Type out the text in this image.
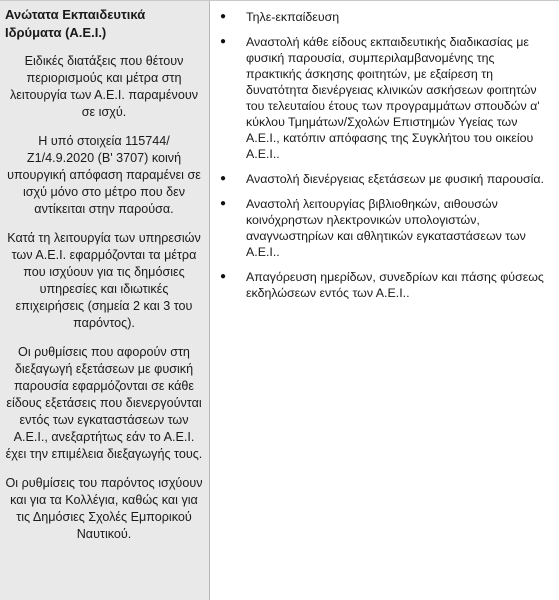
Ανώτατα Εκπαιδευτικά Ιδρύματα (Α.Ε.Ι.)
Ειδικές διατάξεις που θέτουν περιορισμούς και μέτρα στη λειτουργία των Α.Ε.Ι. παραμένουν σε ισχύ.
Η υπό στοιχεία 115744/Ζ1/4.9.2020 (Β' 3707) κοινή υπουργική απόφαση παραμένει σε ισχύ μόνο στο μέτρο που δεν αντίκειται στην παρούσα.
Κατά τη λειτουργία των υπηρεσιών των Α.Ε.Ι. εφαρμόζονται τα μέτρα που ισχύουν για τις δημόσιες υπηρεσίες και ιδιωτικές επιχειρήσεις (σημεία 2 και 3 του παρόντος).
Οι ρυθμίσεις που αφορούν στη διεξαγωγή εξετάσεων με φυσική παρουσία εφαρμόζονται σε κάθε είδους εξετάσεις που διενεργούνται εντός των εγκαταστάσεων των Α.Ε.Ι., ανεξαρτήτως εάν το Α.Ε.Ι. έχει την επιμέλεια διεξαγωγής τους.
Οι ρυθμίσεις του παρόντος ισχύουν και για τα Κολλέγια, καθώς και για τις Δημόσιες Σχολές Εμπορικού Ναυτικού.
●	Τηλε-εκπαίδευση
●	Αναστολή κάθε είδους εκπαιδευτικής διαδικασίας με φυσική παρουσία, συμπεριλαμβανομένης της πρακτικής άσκησης φοιτητών, με εξαίρεση τη δυνατότητα διενέργειας κλινικών ασκήσεων φοιτητών του τελευταίου έτους των προγραμμάτων σπουδών α' κύκλου Τμημάτων/Σχολών Επιστημών Υγείας των Α.Ε.Ι., κατόπιν απόφασης της Συγκλήτου του οικείου Α.Ε.Ι..
●	Αναστολή διενέργειας εξετάσεων με φυσική παρουσία.
●	Αναστολή λειτουργίας βιβλιοθηκών, αιθουσών κοινόχρηστων ηλεκτρονικών υπολογιστών, αναγνωστηρίων και αθλητικών εγκαταστάσεων των Α.Ε.Ι..
●	Απαγόρευση ημερίδων, συνεδρίων και πάσης φύσεως εκδηλώσεων εντός των Α.Ε.Ι..
